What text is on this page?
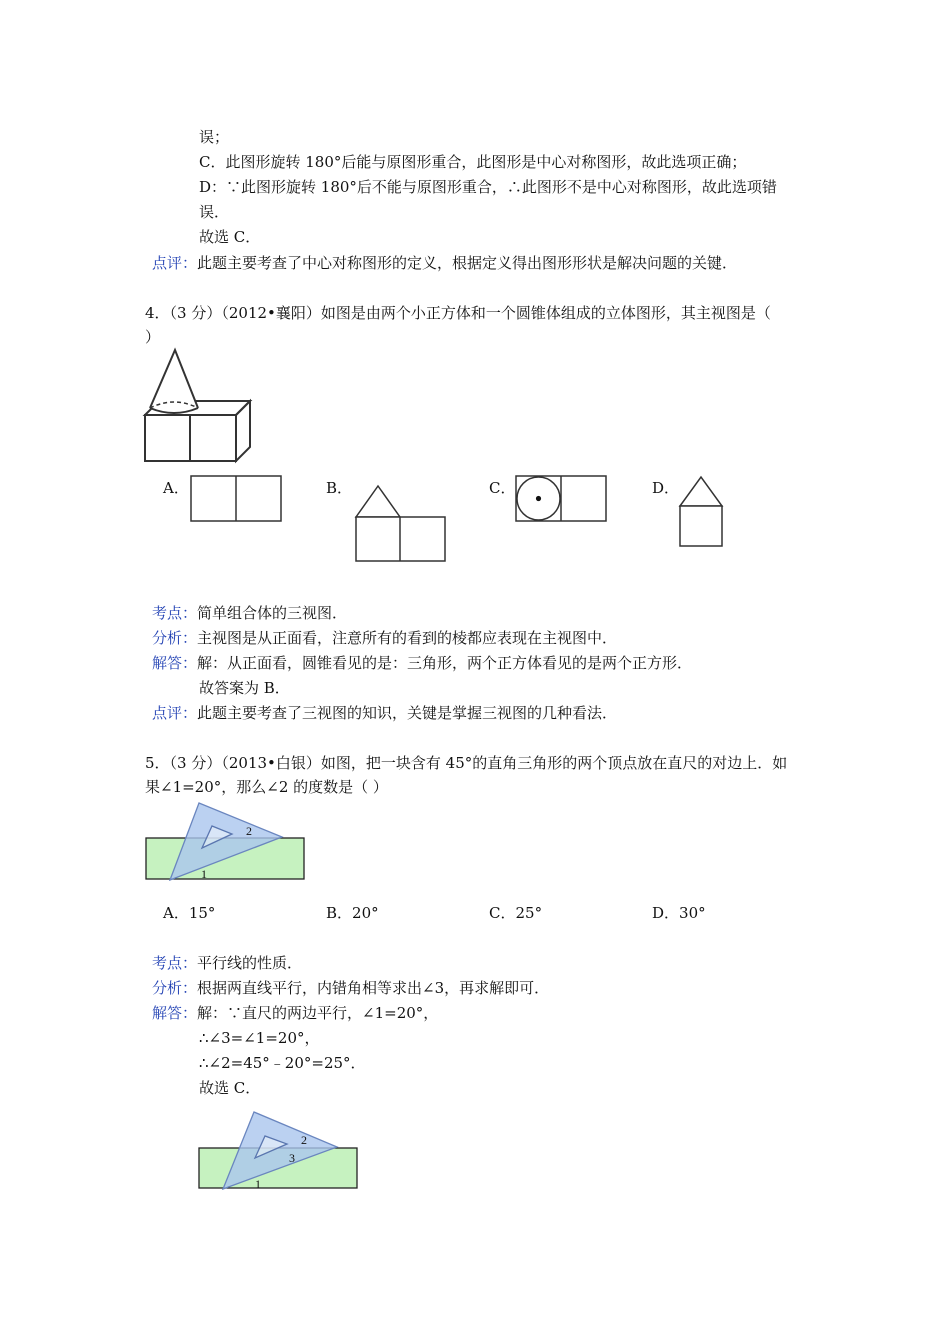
误；
C．此图形旋转 180°后能与原图形重合，此图形是中心对称图形，故此选项正确；
D：∵此图形旋转 180°后不能与原图形重合，∴此图形不是中心对称图形，故此选项错
误．
故选 C．
点评：此题主要考查了中心对称图形的定义，根据定义得出图形形状是解决问题的关键．
4．（3 分）（2012•襄阳）如图是由两个小正方体和一个圆锥体组成的立体图形，其主视图是（
）
A．	B．	C．	D．
考点：简单组合体的三视图．
分析：主视图是从正面看，注意所有的看到的棱都应表现在主视图中．
解答：解：从正面看，圆锥看见的是：三角形，两个正方体看见的是两个正方形．
故答案为 B．
点评：此题主要考查了三视图的知识，关键是掌握三视图的几种看法．
5．（3 分）（2013•白银）如图，把一块含有 45°的直角三角形的两个顶点放在直尺的对边上．如
果∠1=20°，那么∠2 的度数是（ ）
2
1
A．15°	B．20°	C．25°	D．30°
考点：平行线的性质．
分析：根据两直线平行，内错角相等求出∠3，再求解即可．
解答：解：∵直尺的两边平行，∠1=20°，
∴∠3=∠1=20°，
∴∠2=45°﹣20°=25°．
故选 C．
2
3
1
